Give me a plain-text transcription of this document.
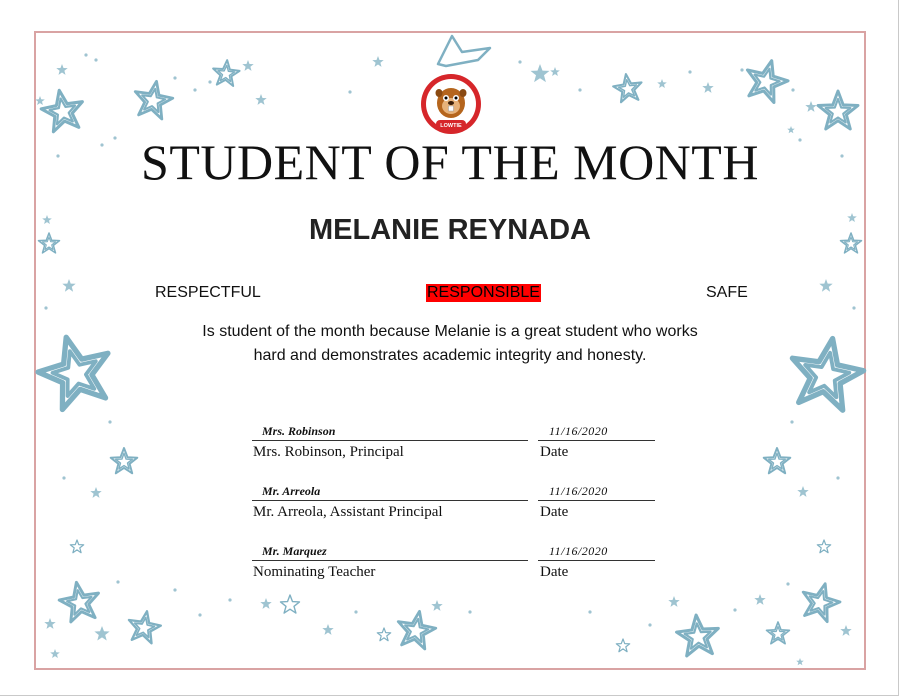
LOWTIE
STUDENT OF THE MONTH
MELANIE REYNADA
RESPECTFUL	RESPONSIBLE	SAFE
Is student of the month because Melanie is a great student who works
hard and demonstrates academic integrity and honesty.
Mrs. Robinson	11/16/2020
Mrs. Robinson, Principal	Date
Mr. Arreola	11/16/2020
Mr. Arreola, Assistant Principal	Date
Mr. Marquez	11/16/2020
Nominating Teacher	Date
